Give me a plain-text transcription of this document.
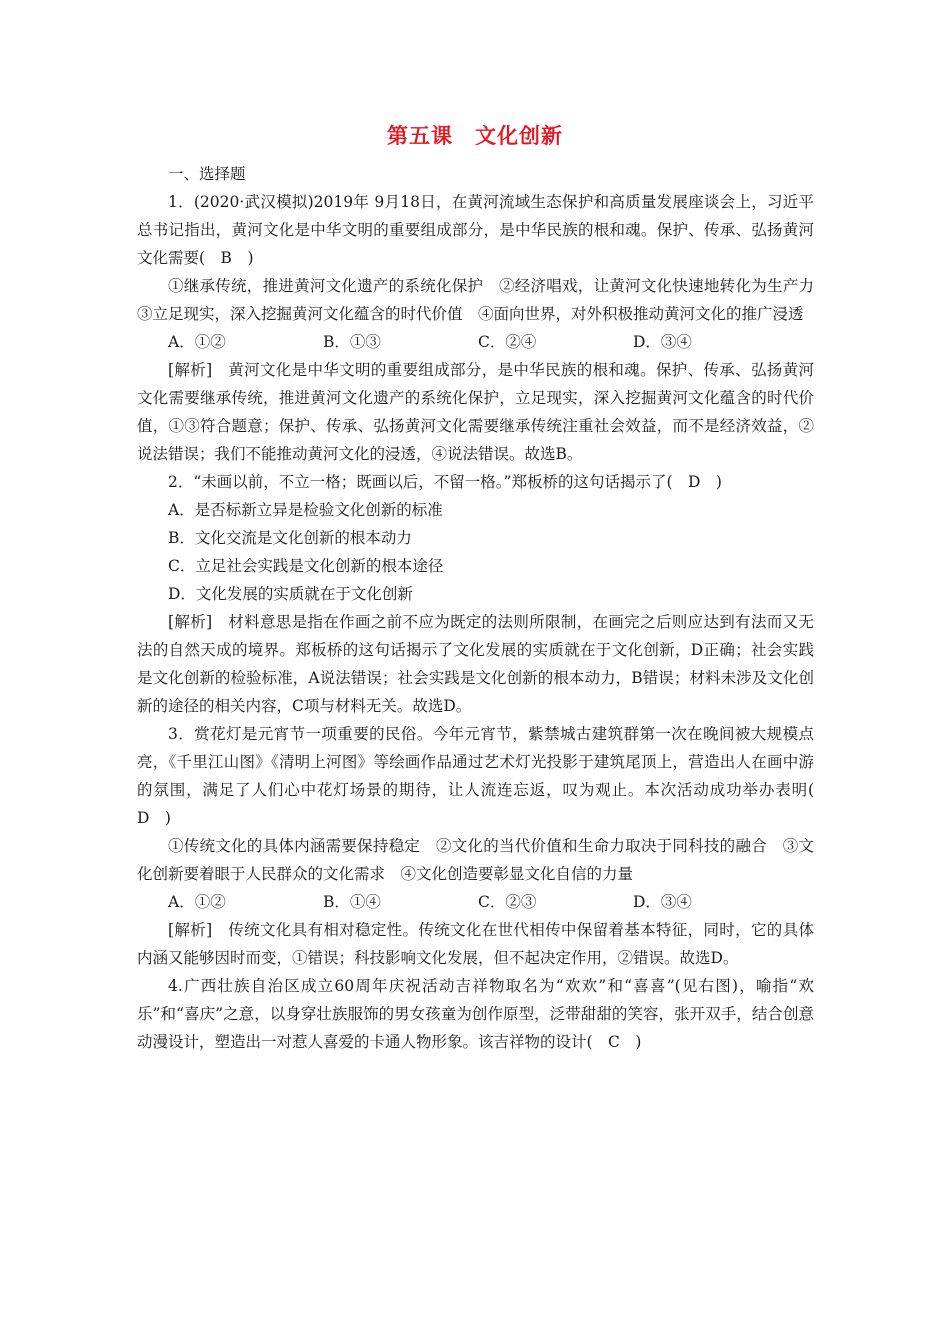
第五课　文化创新

一、选择题

1．(2020·武汉模拟)2019年 9月18日，在黄河流域生态保护和高质量发展座谈会上，习近平总书记指出，黄河文化是中华文明的重要组成部分，是中华民族的根和魂。保护、传承、弘扬黄河文化需要(　B　)

①继承传统，推进黄河文化遗产的系统化保护　②经济唱戏，让黄河文化快速地转化为生产力　③立足现实，深入挖掘黄河文化蕴含的时代价值　④面向世界，对外积极推动黄河文化的推广浸透

A．①②	B．①③	C．②④	D．③④

[解析]　黄河文化是中华文明的重要组成部分，是中华民族的根和魂。保护、传承、弘扬黄河文化需要继承传统，推进黄河文化遗产的系统化保护，立足现实，深入挖掘黄河文化蕴含的时代价值，①③符合题意；保护、传承、弘扬黄河文化需要继承传统注重社会效益，而不是经济效益，②说法错误；我们不能推动黄河文化的浸透，④说法错误。故选B。

2．“未画以前，不立一格；既画以后，不留一格。”郑板桥的这句话揭示了(　D　)

A．是否标新立异是检验文化创新的标准

B．文化交流是文化创新的根本动力

C．立足社会实践是文化创新的根本途径

D．文化发展的实质就在于文化创新

[解析]　材料意思是指在作画之前不应为既定的法则所限制，在画完之后则应达到有法而又无法的自然天成的境界。郑板桥的这句话揭示了文化发展的实质就在于文化创新，D正确；社会实践是文化创新的检验标准，A说法错误；社会实践是文化创新的根本动力，B错误；材料未涉及文化创新的途径的相关内容，C项与材料无关。故选D。

3．赏花灯是元宵节一项重要的民俗。今年元宵节，紫禁城古建筑群第一次在晚间被大规模点亮，《千里江山图》《清明上河图》等绘画作品通过艺术灯光投影于建筑尾顶上，营造出人在画中游的氛围，满足了人们心中花灯场景的期待，让人流连忘返，叹为观止。本次活动成功举办表明(　D　)

①传统文化的具体内涵需要保持稳定　②文化的当代价值和生命力取决于同科技的融合　③文化创新要着眼于人民群众的文化需求　④文化创造要彰显文化自信的力量

A．①②	B．①④	C．②③	D．③④

[解析]　传统文化具有相对稳定性。传统文化在世代相传中保留着基本特征，同时，它的具体内涵又能够因时而变，①错误；科技影响文化发展，但不起决定作用，②错误。故选D。

4.广西壮族自治区成立60周年庆祝活动吉祥物取名为“欢欢”和“喜喜”(见右图)，喻指“欢乐”和“喜庆”之意，以身穿壮族服饰的男女孩童为创作原型，泛带甜甜的笑容，张开双手，结合创意动漫设计，塑造出一对惹人喜爱的卡通人物形象。该吉祥物的设计(　C　)
